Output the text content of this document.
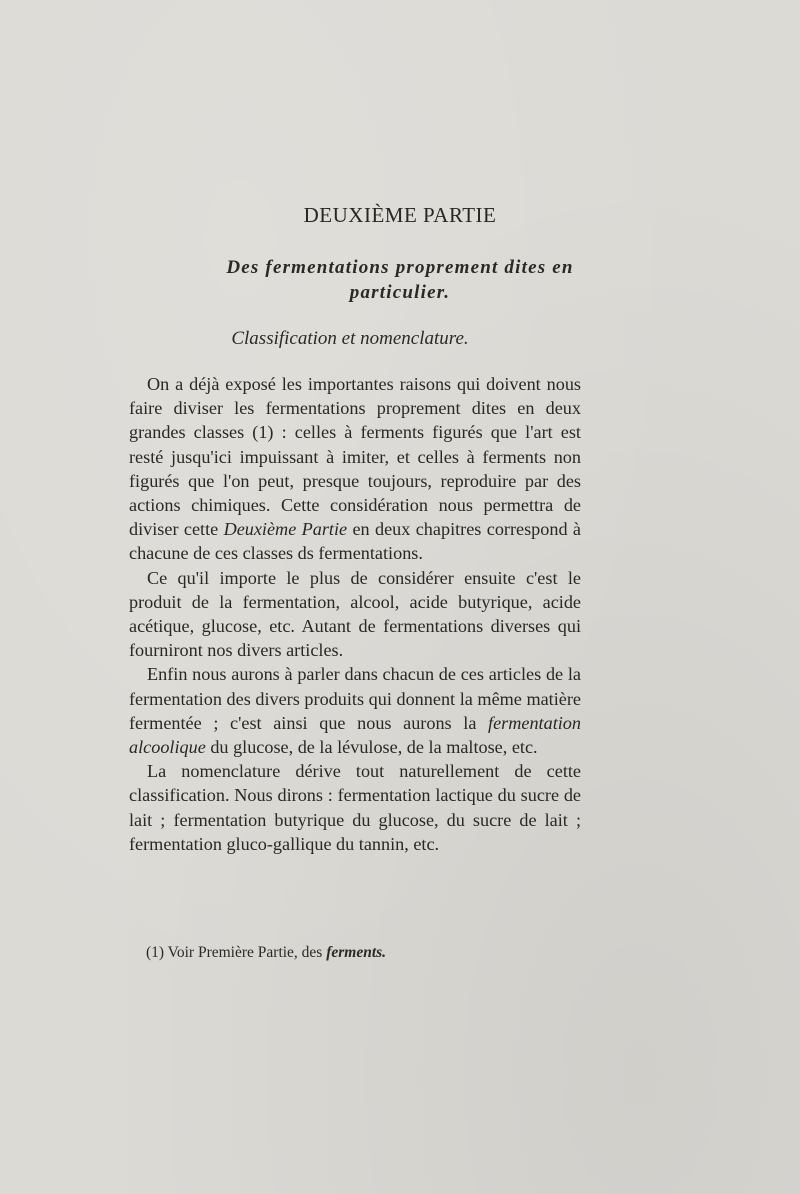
DEUXIÈME PARTIE
Des fermentations proprement dites en
particulier.
Classification et nomenclature.

On a déjà exposé les importantes raisons qui doivent nous faire diviser les fermentations proprement dites en deux grandes classes (1) : celles à ferments figurés que l'art est resté jusqu'ici impuissant à imiter, et celles à ferments non figurés que l'on peut, presque toujours, reproduire par des actions chimiques. Cette considération nous permettra de diviser cette Deuxième Partie en deux chapitres correspond à chacune de ces classes ds fermentations.

Ce qu'il importe le plus de considérer ensuite c'est le produit de la fermentation, alcool, acide butyrique, acide acétique, glucose, etc. Autant de fermentations diverses qui fourniront nos divers articles.

Enfin nous aurons à parler dans chacun de ces articles de la fermentation des divers produits qui donnent la même matière fermentée ; c'est ainsi que nous aurons la fermentation alcoolique du glucose, de la lévulose, de la maltose, etc.

La nomenclature dérive tout naturellement de cette classification. Nous dirons : fermentation lactique du sucre de lait ; fermentation butyrique du glucose, du sucre de lait ; fermentation gluco-gallique du tannin, etc.

(1) Voir Première Partie, des ferments.
